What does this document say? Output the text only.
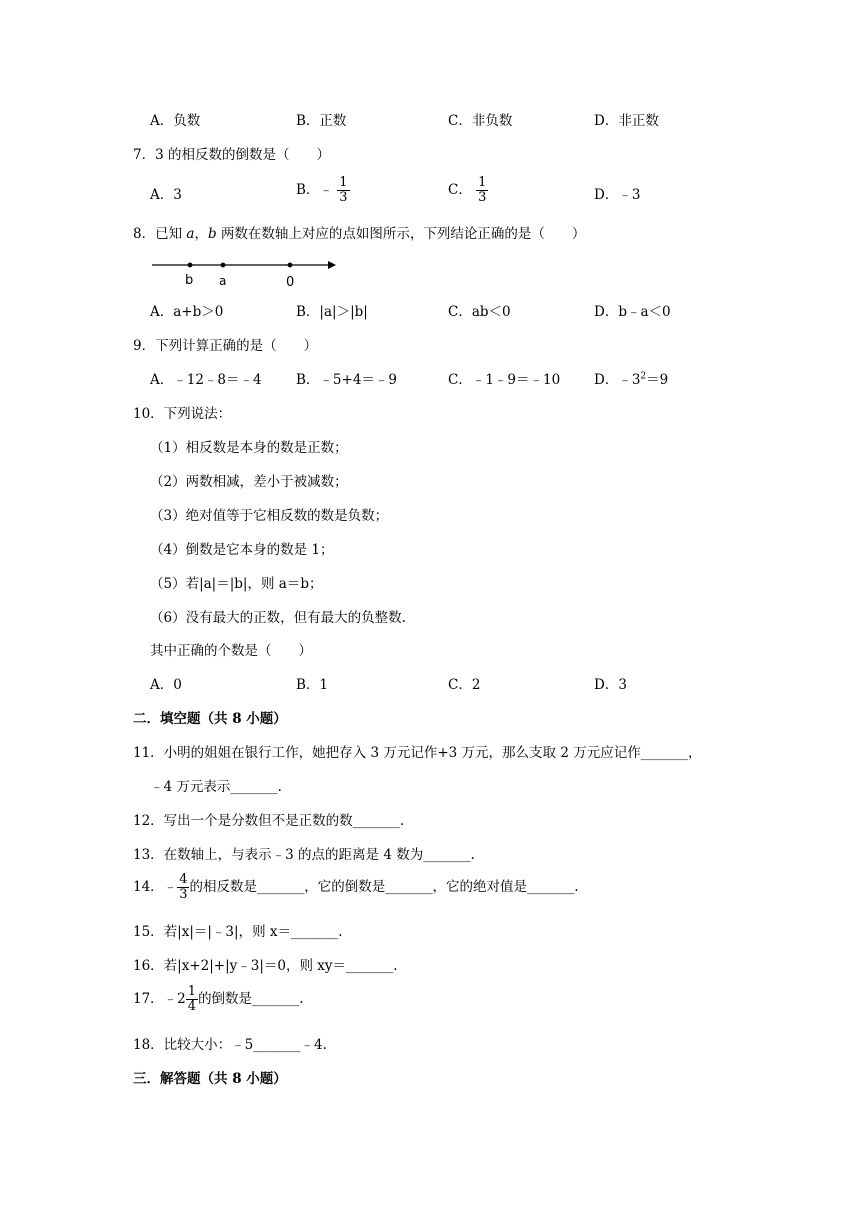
A．负数	B．正数	C．非负数	D．非正数
7．3 的相反数的倒数是（　　）
A．3	B．﹣ $\frac{1}{3}$	C． $\frac{1}{3}$	D．﹣3
8．已知 a，b 两数在数轴上对应的点如图所示，下列结论正确的是（　　）
b a	0
A．a+b＞0	B．|a|＞|b|	C．ab＜0	D．b﹣a＜0
9．下列计算正确的是（　　）
A．﹣12﹣8＝﹣4	B．﹣5+4＝﹣9	C．﹣1﹣9＝﹣10	D．$﹣3^2=9$
10．下列说法：
（1）相反数是本身的数是正数；
（2）两数相减，差小于被减数；
（3）绝对值等于它相反数的数是负数；
（4）倒数是它本身的数是 1；
（5）若|a|＝|b|，则 a＝b；
（6）没有最大的正数，但有最大的负整数.
其中正确的个数是（　　）
A．0	B．1	C．2	D．3
二．填空题（共 8 小题）
11．小明的姐姐在银行工作，她把存入 3 万元记作+3 万元，那么支取 2 万元应记作_______，
﹣4 万元表示_______.
12．写出一个是分数但不是正数的数_______.
13．在数轴上，与表示﹣3 的点的距离是 4 数为_______.
14．﹣ $\frac{4}{3}$ 的相反数是_______，它的倒数是_______，它的绝对值是_______.
15．若|x|＝|﹣3|，则 x＝_______.
16．若|x+2|+|y﹣3|＝0，则 xy＝_______.
17．﹣2 $\frac{1}{4}$ 的倒数是_______.
18．比较大小：﹣5_______﹣4.
三．解答题（共 8 小题）
